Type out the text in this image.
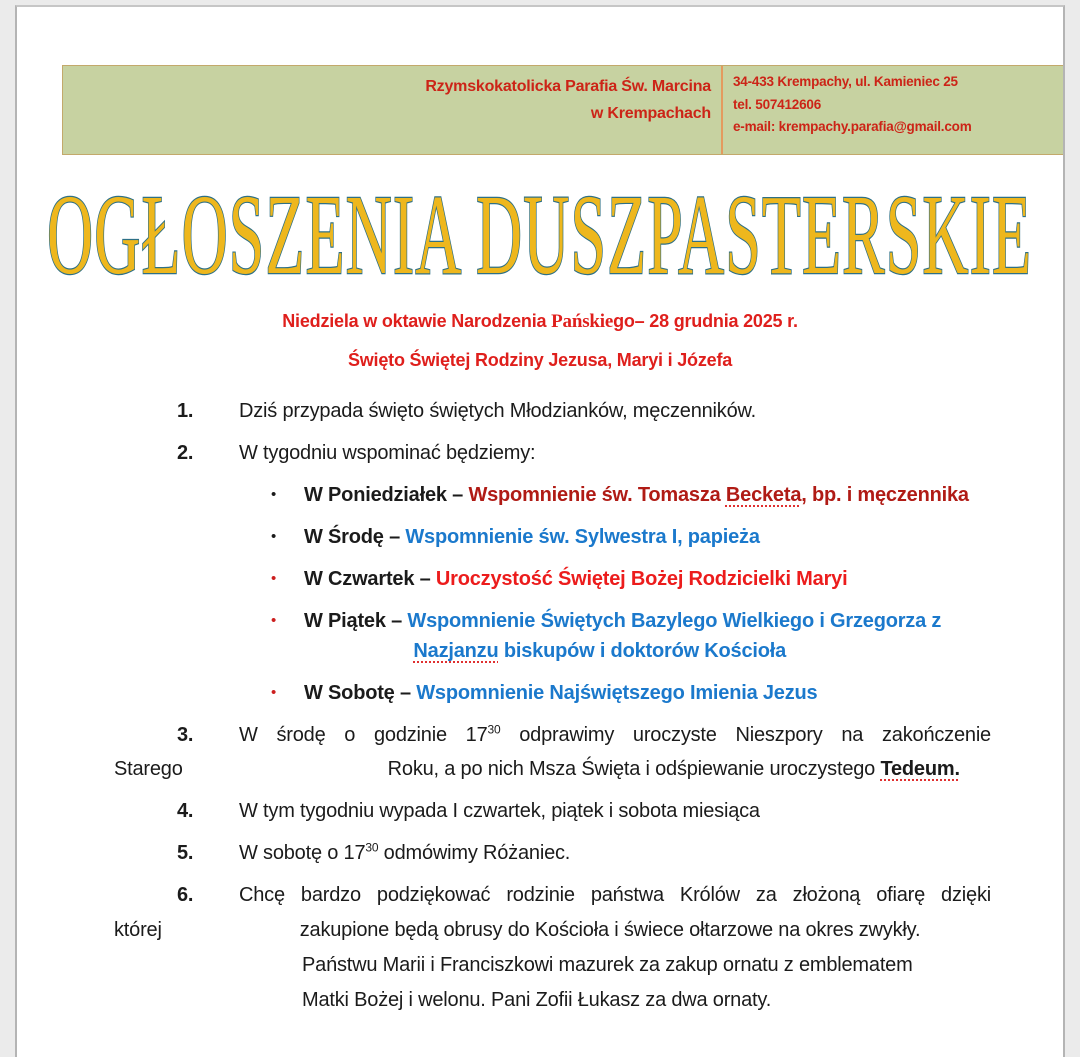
Rzymskokatolicka Parafia Św. Marcina
w Krempachach
34-433 Krempachy, ul. Kamieniec 25
tel. 507412606
e-mail: krempachy.parafia@gmail.com
OGŁOSZENIA DUSZPASTERSKIE
Niedziela w oktawie Narodzenia Pańskiego– 28 grudnia 2025 r.
Święto Świętej Rodziny Jezusa, Maryi i Józefa
1.	Dziś przypada święto świętych Młodzianków, męczenników.
2.	W tygodniu wspominać będziemy:
•	W Poniedziałek – Wspomnienie św. Tomasza Becketa, bp. i męczennika
•	W Środę – Wspomnienie św. Sylwestra I, papieża
•	W Czwartek – Uroczystość Świętej Bożej Rodzicielki Maryi
•	W Piątek – Wspomnienie Świętych Bazylego Wielkiego i Grzegorza z
Nazjanzu biskupów i doktorów Kościoła
•	W Sobotę – Wspomnienie Najświętszego Imienia Jezus
3.	W środę o godzinie $17^{30}$ odprawimy uroczyste Nieszpory na zakończenie
Starego	Roku, a po nich Msza Święta i odśpiewanie uroczystego Tedeum.
4.	W tym tygodniu wypada I czwartek, piątek i sobota miesiąca
5.	W sobotę o $17^{30}$ odmówimy Różaniec.
6.	Chcę bardzo podziękować rodzinie państwa Królów za złożoną ofiarę dzięki
której	zakupione będą obrusy do Kościoła i świece ołtarzowe na okres zwykły.
Państwu Marii i Franciszkowi mazurek za zakup ornatu z emblematem
Matki Bożej i welonu. Pani Zofii Łukasz za dwa ornaty.
